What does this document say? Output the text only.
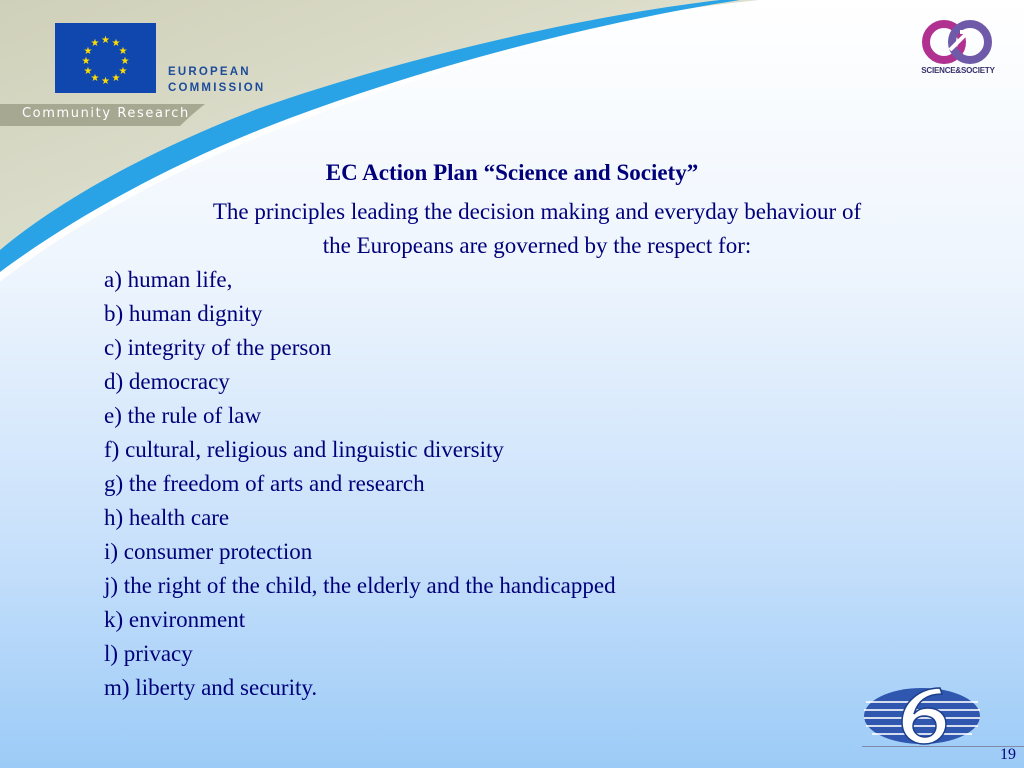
★ ★
★
★
★
★
★
★
★
★
★
★
EUROPEAN
COMMISSION
Community Research
SCIENCE&SOCIETY
EC Action Plan “Science and Society”
The principles leading the decision making and everyday behaviour of
the Europeans are governed by the respect for:
a) human life,
b) human dignity
c) integrity of the person
d) democracy
e) the rule of law
f) cultural, religious and linguistic diversity
g) the freedom of arts and research
h) health care
i) consumer protection
j) the right of the child, the elderly and the handicapped
k) environment
l) privacy
m) liberty and security.
19
